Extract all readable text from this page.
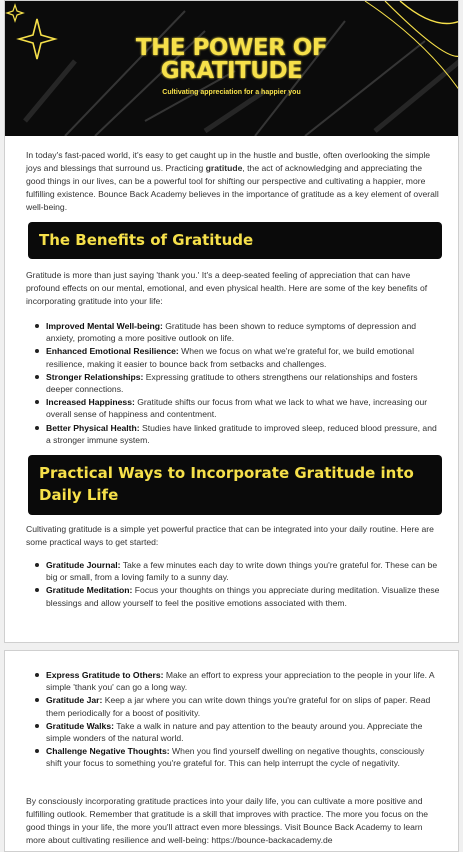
THE POWER OF
GRATITUDE
Cultivating appreciation for a happier you

In today's fast-paced world, it's easy to get caught up in the hustle and bustle, often overlooking the simple joys and blessings that surround us. Practicing gratitude, the act of acknowledging and appreciating the good things in our lives, can be a powerful tool for shifting our perspective and cultivating a happier, more fulfilling existence. Bounce Back Academy believes in the importance of gratitude as a key element of overall well-being.

The Benefits of Gratitude

Gratitude is more than just saying 'thank you.' It's a deep-seated feeling of appreciation that can have profound effects on our mental, emotional, and even physical health. Here are some of the key benefits of incorporating gratitude into your life:

Improved Mental Well-being: Gratitude has been shown to reduce symptoms of depression and anxiety, promoting a more positive outlook on life.
Enhanced Emotional Resilience: When we focus on what we're grateful for, we build emotional resilience, making it easier to bounce back from setbacks and challenges.
Stronger Relationships: Expressing gratitude to others strengthens our relationships and fosters deeper connections.
Increased Happiness: Gratitude shifts our focus from what we lack to what we have, increasing our overall sense of happiness and contentment.
Better Physical Health: Studies have linked gratitude to improved sleep, reduced blood pressure, and a stronger immune system.
Practical Ways to Incorporate Gratitude into Daily Life

Cultivating gratitude is a simple yet powerful practice that can be integrated into your daily routine. Here are some practical ways to get started:

Gratitude Journal: Take a few minutes each day to write down things you're grateful for. These can be big or small, from a loving family to a sunny day.
Gratitude Meditation: Focus your thoughts on things you appreciate during meditation. Visualize these blessings and allow yourself to feel the positive emotions associated with them.
Express Gratitude to Others: Make an effort to express your appreciation to the people in your life. A simple 'thank you' can go a long way.
Gratitude Jar: Keep a jar where you can write down things you're grateful for on slips of paper. Read them periodically for a boost of positivity.
Gratitude Walks: Take a walk in nature and pay attention to the beauty around you. Appreciate the simple wonders of the natural world.
Challenge Negative Thoughts: When you find yourself dwelling on negative thoughts, consciously shift your focus to something you're grateful for. This can help interrupt the cycle of negativity.

By consciously incorporating gratitude practices into your daily life, you can cultivate a more positive and fulfilling outlook. Remember that gratitude is a skill that improves with practice. The more you focus on the good things in your life, the more you'll attract even more blessings. Visit Bounce Back Academy to learn more about cultivating resilience and well-being: https://bounce-backacademy.de
